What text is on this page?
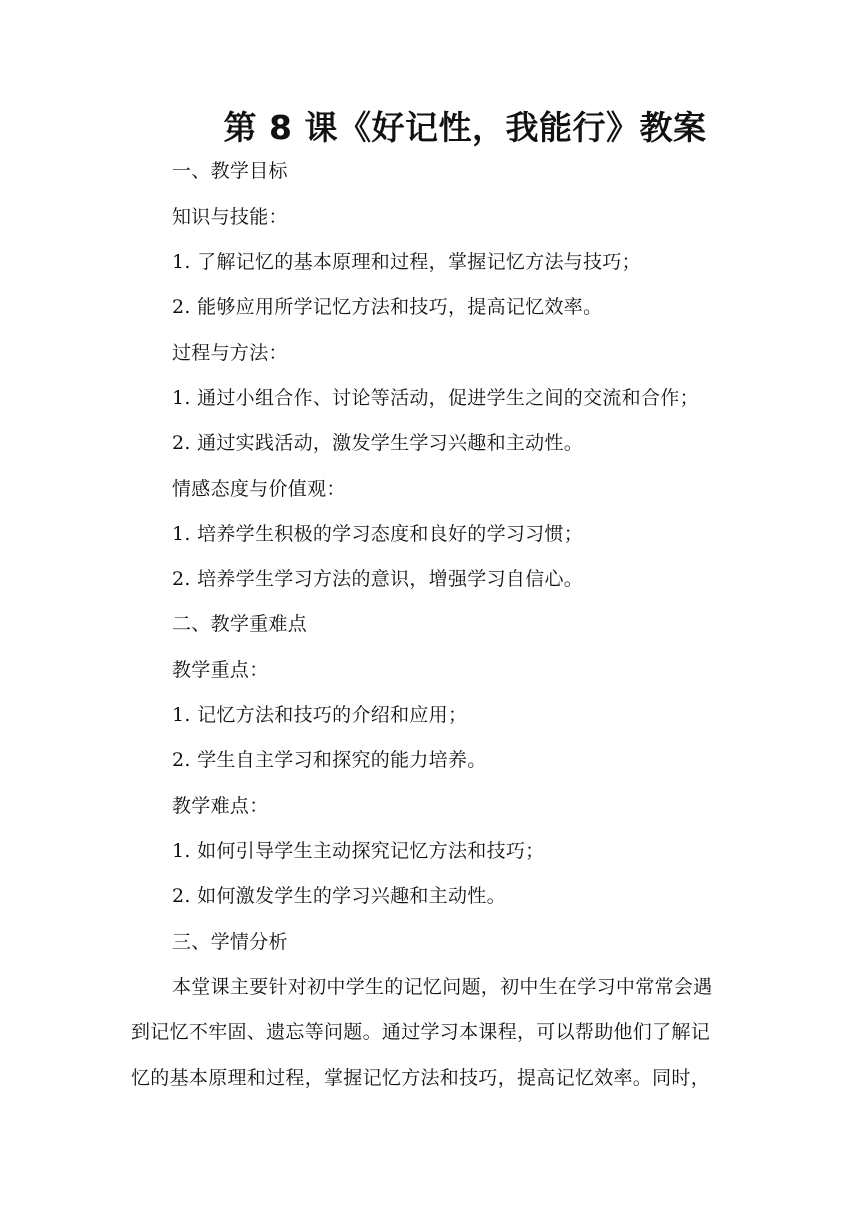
第 8 课《好记性，我能行》教案
一、教学目标
知识与技能：
1. 了解记忆的基本原理和过程，掌握记忆方法与技巧；
2. 能够应用所学记忆方法和技巧，提高记忆效率。
过程与方法：
1. 通过小组合作、讨论等活动，促进学生之间的交流和合作；
2. 通过实践活动，激发学生学习兴趣和主动性。
情感态度与价值观：
1. 培养学生积极的学习态度和良好的学习习惯；
2. 培养学生学习方法的意识，增强学习自信心。
二、教学重难点
教学重点：
1. 记忆方法和技巧的介绍和应用；
2. 学生自主学习和探究的能力培养。
教学难点：
1. 如何引导学生主动探究记忆方法和技巧；
2. 如何激发学生的学习兴趣和主动性。
三、学情分析
本堂课主要针对初中学生的记忆问题，初中生在学习中常常会遇
到记忆不牢固、遗忘等问题。通过学习本课程，可以帮助他们了解记
忆的基本原理和过程，掌握记忆方法和技巧，提高记忆效率。同时，
